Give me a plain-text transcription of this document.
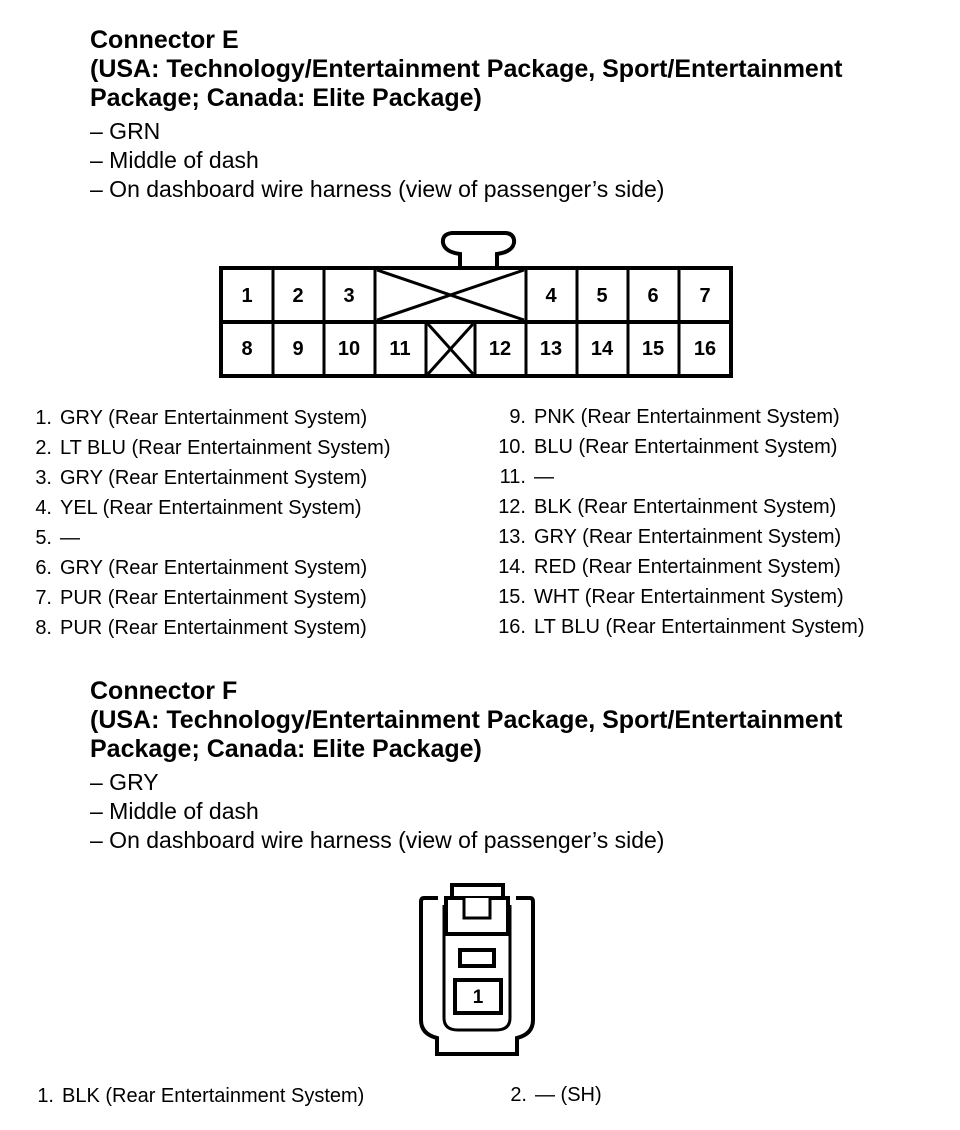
Connector E

(USA: Technology/Entertainment Package, Sport/Entertainment

Package; Canada: Elite Package)

– GRN

– Middle of dash

– On dashboard wire harness (view of passenger’s side)

1 2 3	4 5 6 7
8 9 10 11	12 13 14 15 16
1. GRY (Rear Entertainment System)
2. LT BLU (Rear Entertainment System)
3. GRY (Rear Entertainment System)
4. YEL (Rear Entertainment System)
5. —
6. GRY (Rear Entertainment System)
7. PUR (Rear Entertainment System)
8. PUR (Rear Entertainment System)
9. PNK (Rear Entertainment System)
10. BLU (Rear Entertainment System)
11. —
12. BLK (Rear Entertainment System)
13. GRY (Rear Entertainment System)
14. RED (Rear Entertainment System)
15. WHT (Rear Entertainment System)
16. LT BLU (Rear Entertainment System)

Connector F

(USA: Technology/Entertainment Package, Sport/Entertainment

Package; Canada: Elite Package)

– GRY

– Middle of dash

– On dashboard wire harness (view of passenger’s side)

1
1. BLK (Rear Entertainment System)	2. — (SH)
